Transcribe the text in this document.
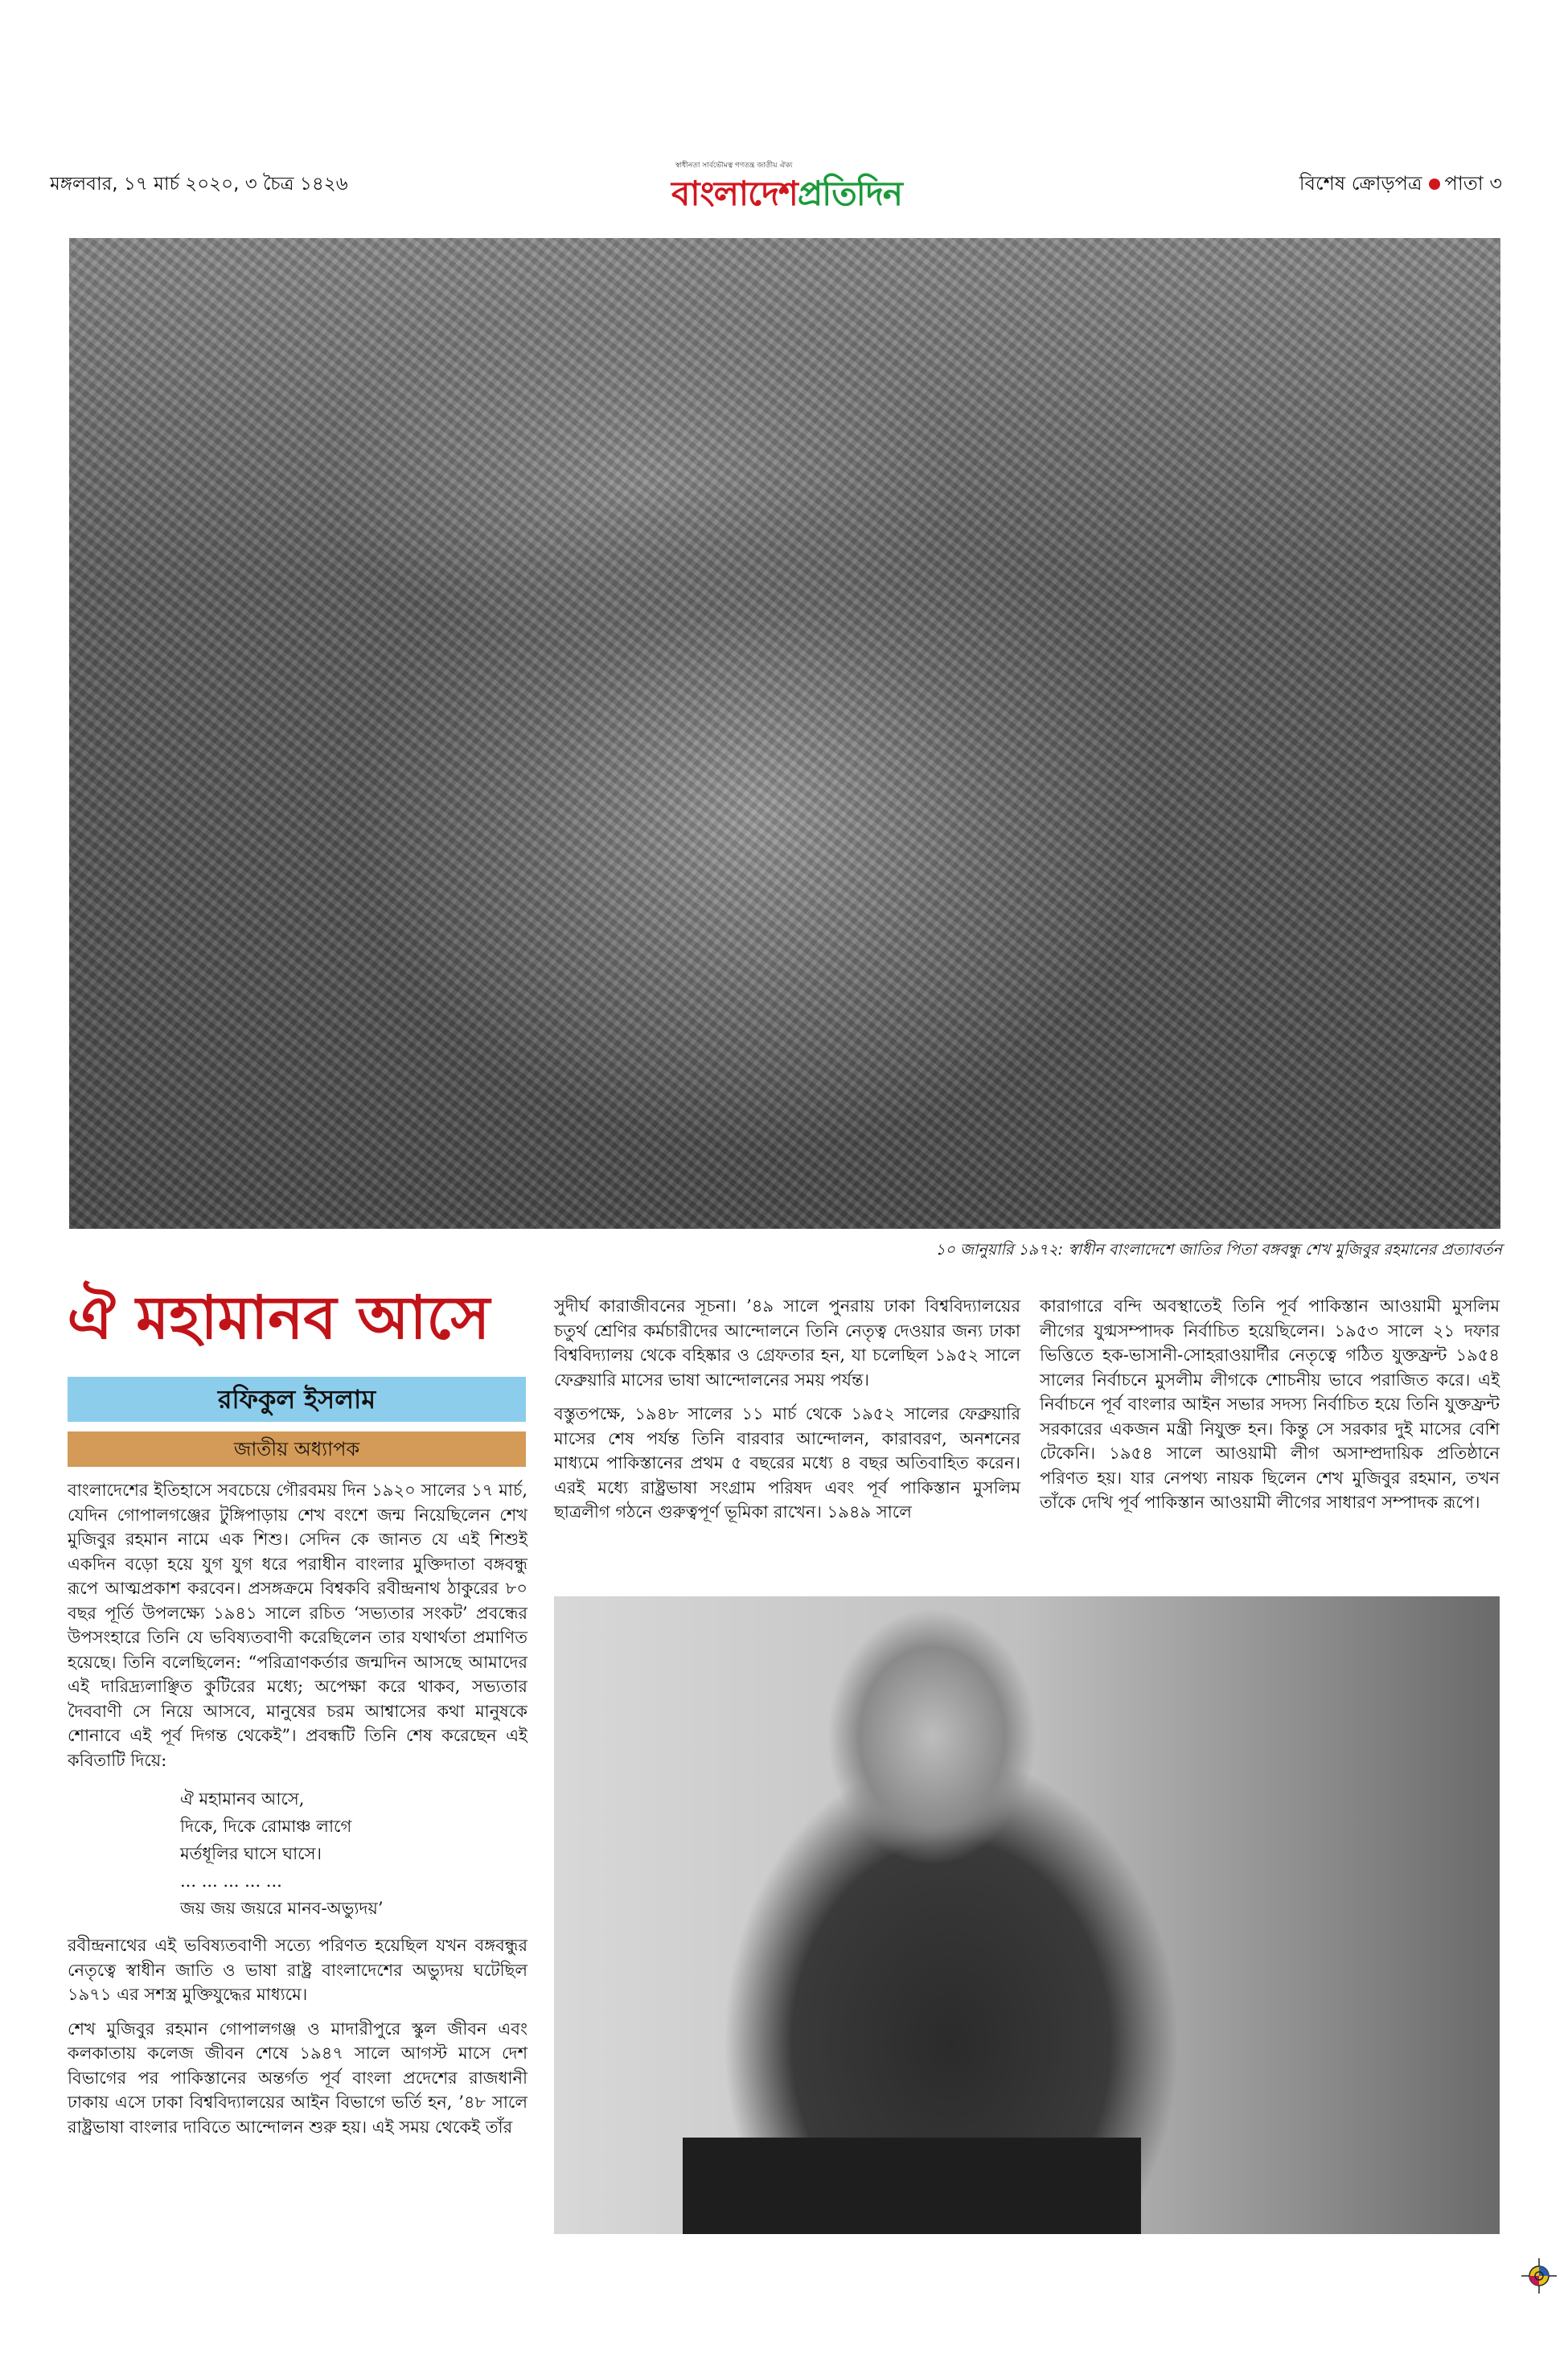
মঙ্গলবার, ১৭ মার্চ ২০২০, ৩ চৈত্র ১৪২৬
স্বাধীনতা সার্বভৌমত্ব গণতন্ত্র জাতীয় ঐক্য
বাংলাদেশপ্রতিদিন	বিশেষ ক্রোড়পত্র পাতা ৩
১০ জানুয়ারি ১৯৭২: স্বাধীন বাংলাদেশে জাতির পিতা বঙ্গবন্ধু শেখ মুজিবুর রহমানের প্রত্যাবর্তন
ঐ মহামানব আসে
রফিকুল ইসলাম
জাতীয় অধ্যাপক

বাংলাদেশের ইতিহাসে সবচেয়ে গৌরবময় দিন ১৯২০ সালের ১৭ মার্চ, যেদিন গোপালগঞ্জের টুঙ্গিপাড়ায় শেখ বংশে জন্ম নিয়েছিলেন শেখ মুজিবুর রহমান নামে এক শিশু। সেদিন কে জানত যে এই শিশুই একদিন বড়ো হয়ে যুগ যুগ ধরে পরাধীন বাংলার মুক্তিদাতা বঙ্গবন্ধু রূপে আত্মপ্রকাশ করবেন। প্রসঙ্গক্রমে বিশ্বকবি রবীন্দ্রনাথ ঠাকুরের ৮০ বছর পূর্তি উপলক্ষ্যে ১৯৪১ সালে রচিত ‘সভ্যতার সংকট’ প্রবন্ধের উপসংহারে তিনি যে ভবিষ্যতবাণী করেছিলেন তার যথার্থতা প্রমাণিত হয়েছে। তিনি বলেছিলেন: “পরিত্রাণকর্তার জন্মদিন আসছে আমাদের এই দারিদ্র্যলাঞ্ছিত কুটিরের মধ্যে; অপেক্ষা করে থাকব, সভ্যতার দৈববাণী সে নিয়ে আসবে, মানুষের চরম আশ্বাসের কথা মানুষকে শোনাবে এই পূর্ব দিগন্ত থেকেই”। প্রবন্ধটি তিনি শেষ করেছেন এই কবিতাটি দিয়ে:

ঐ মহামানব আসে,
দিকে, দিকে রোমাঞ্চ লাগে
মর্তধূলির ঘাসে ঘাসে।
... ... ... ... ...
জয় জয় জয়রে মানব-অভ্যুদয়’

রবীন্দ্রনাথের এই ভবিষ্যতবাণী সত্যে পরিণত হয়েছিল যখন বঙ্গবন্ধুর নেতৃত্বে স্বাধীন জাতি ও ভাষা রাষ্ট্র বাংলাদেশের অভ্যুদয় ঘটেছিল ১৯৭১ এর সশস্ত্র মুক্তিযুদ্ধের মাধ্যমে।

শেখ মুজিবুর রহমান গোপালগঞ্জ ও মাদারীপুরে স্কুল জীবন এবং কলকাতায় কলেজ জীবন শেষে ১৯৪৭ সালে আগস্ট মাসে দেশ বিভাগের পর পাকিস্তানের অন্তর্গত পূর্ব বাংলা প্রদেশের রাজধানী ঢাকায় এসে ঢাকা বিশ্ববিদ্যালয়ের আইন বিভাগে ভর্তি হন, ’৪৮ সালে রাষ্ট্রভাষা বাংলার দাবিতে আন্দোলন শুরু হয়। এই সময় থেকেই তাঁর

সুদীর্ঘ কারাজীবনের সূচনা। ’৪৯ সালে পুনরায় ঢাকা বিশ্ববিদ্যালয়ের চতুর্থ শ্রেণির কর্মচারীদের আন্দোলনে তিনি নেতৃত্ব দেওয়ার জন্য ঢাকা বিশ্ববিদ্যালয় থেকে বহিষ্কার ও গ্রেফতার হন, যা চলেছিল ১৯৫২ সালে ফেব্রুয়ারি মাসের ভাষা আন্দোলনের সময় পর্যন্ত।

বস্তুতপক্ষে, ১৯৪৮ সালের ১১ মার্চ থেকে ১৯৫২ সালের ফেব্রুয়ারি মাসের শেষ পর্যন্ত তিনি বারবার আন্দোলন, কারাবরণ, অনশনের মাধ্যমে পাকিস্তানের প্রথম ৫ বছরের মধ্যে ৪ বছর অতিবাহিত করেন। এরই মধ্যে রাষ্ট্রভাষা সংগ্রাম পরিষদ এবং পূর্ব পাকিস্তান মুসলিম ছাত্রলীগ গঠনে গুরুত্বপূর্ণ ভূমিকা রাখেন। ১৯৪৯ সালে

কারাগারে বন্দি অবস্থাতেই তিনি পূর্ব পাকিস্তান আওয়ামী মুসলিম লীগের যুগ্মসম্পাদক নির্বাচিত হয়েছিলেন। ১৯৫৩ সালে ২১ দফার ভিত্তিতে হক-ভাসানী-সোহরাওয়ার্দীর নেতৃত্বে গঠিত যুক্তফ্রন্ট ১৯৫৪ সালের নির্বাচনে মুসলীম লীগকে শোচনীয় ভাবে পরাজিত করে। এই নির্বাচনে পূর্ব বাংলার আইন সভার সদস্য নির্বাচিত হয়ে তিনি যুক্তফ্রন্ট সরকারের একজন মন্ত্রী নিযুক্ত হন। কিন্তু সে সরকার দুই মাসের বেশি টেকেনি। ১৯৫৪ সালে আওয়ামী লীগ অসাম্প্রদায়িক প্রতিষ্ঠানে পরিণত হয়। যার নেপথ্য নায়ক ছিলেন শেখ মুজিবুর রহমান, তখন তাঁকে দেখি পূর্ব পাকিস্তান আওয়ামী লীগের সাধারণ সম্পাদক রূপে।
